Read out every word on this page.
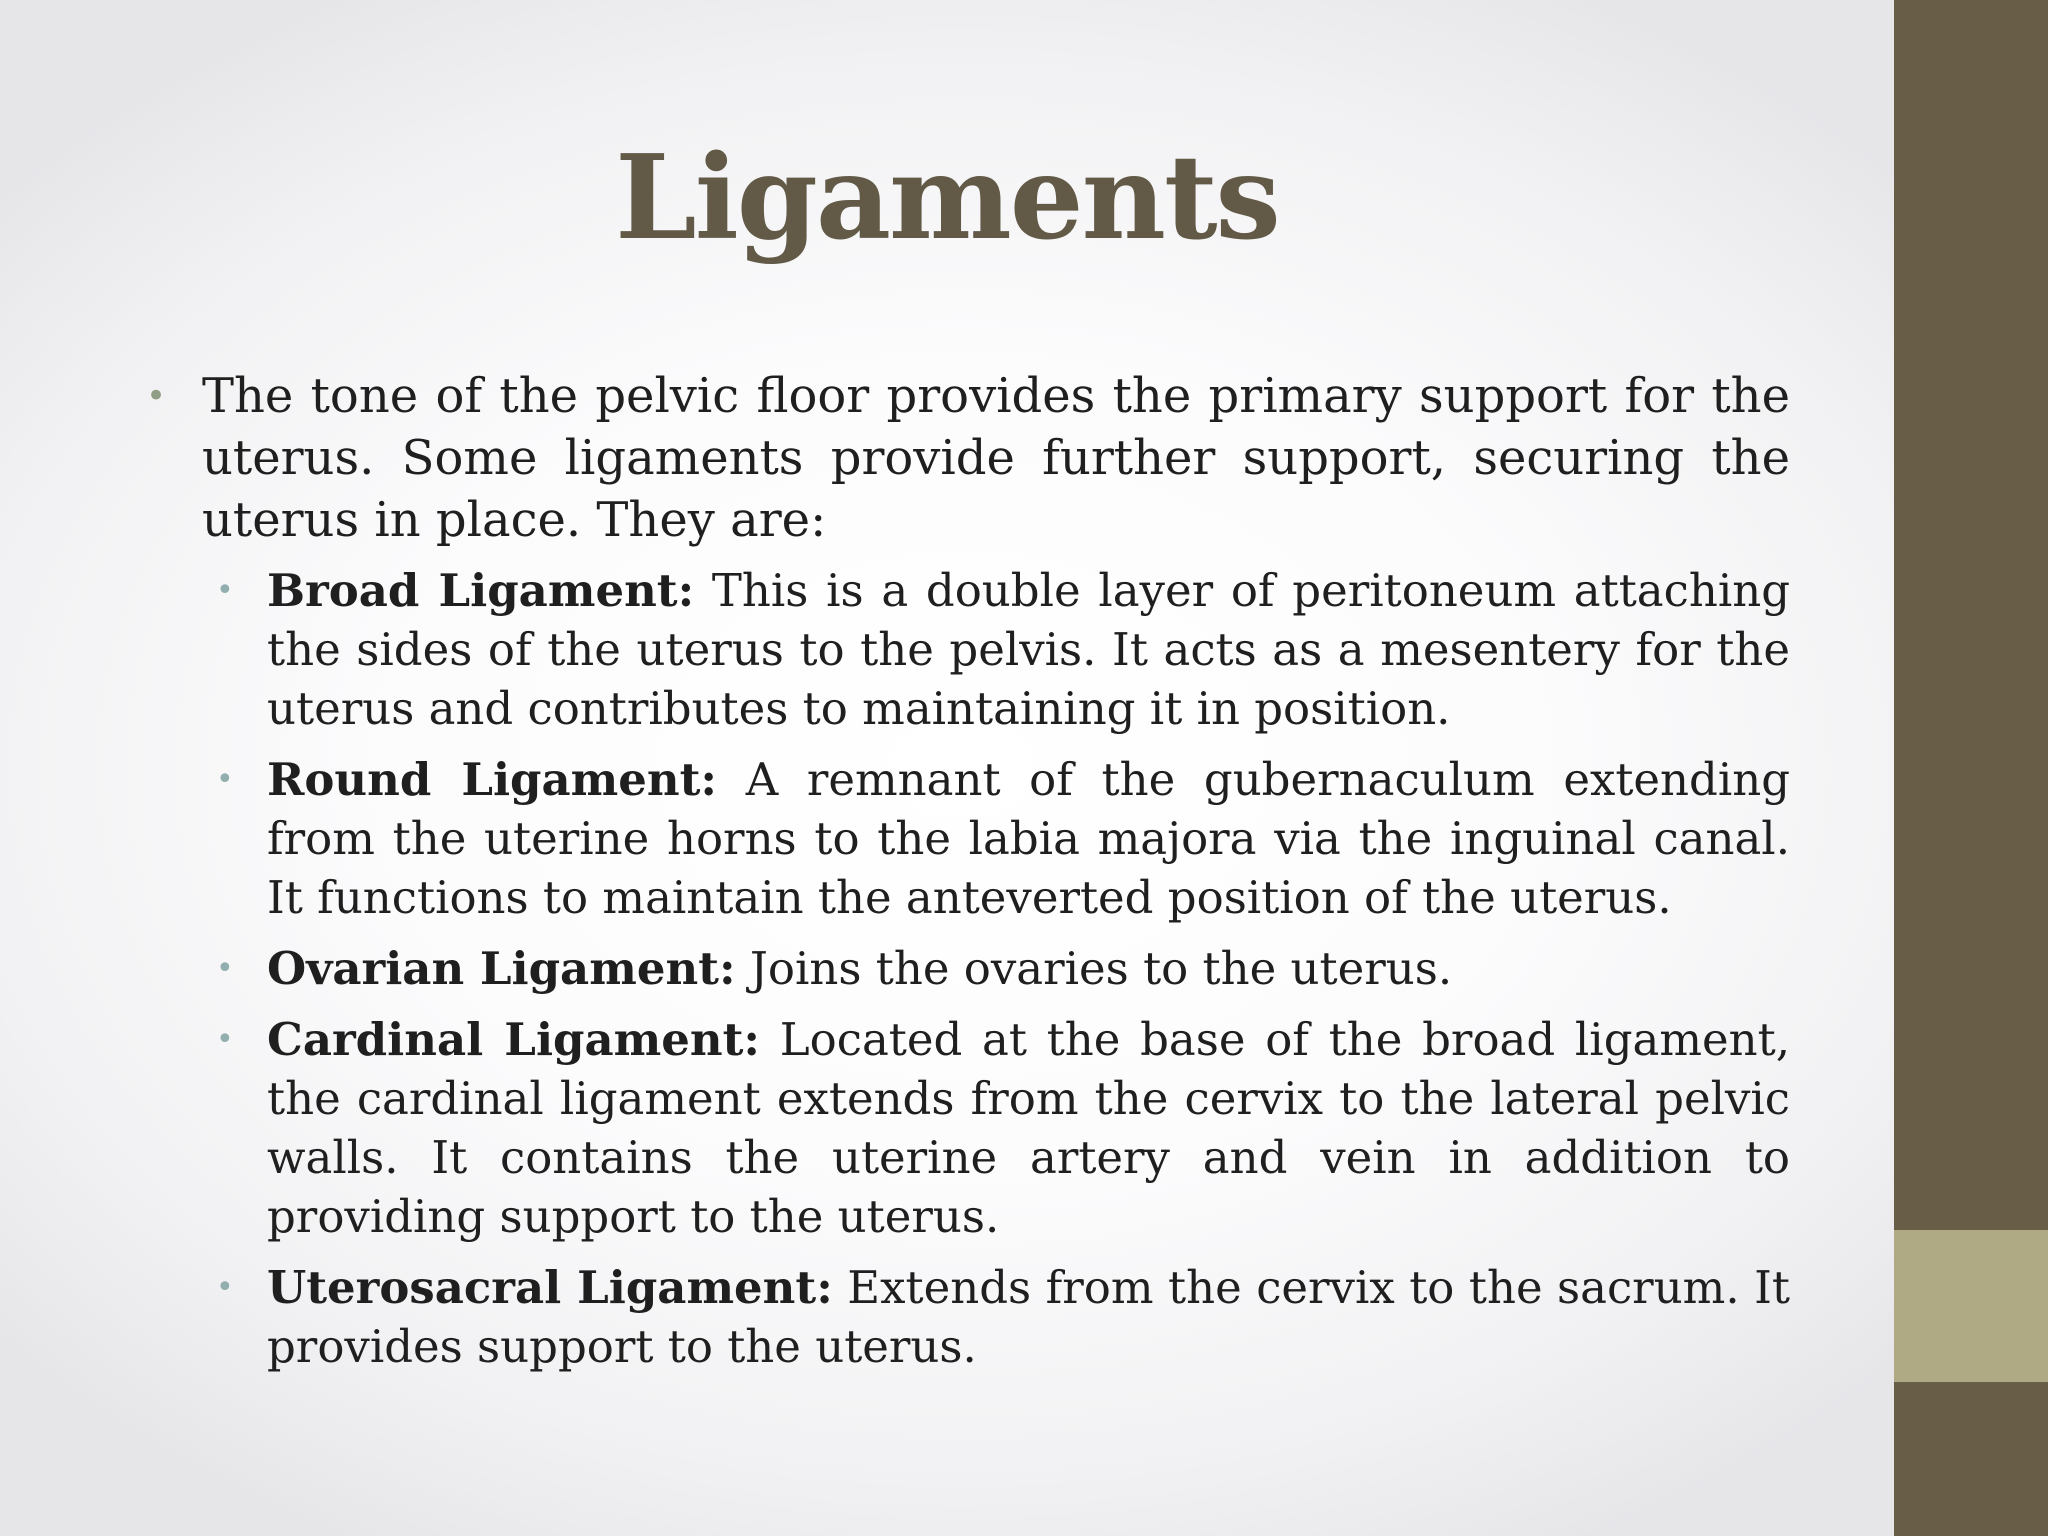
Ligaments
• The tone of the pelvic floor provides the primary support for the uterus. Some ligaments provide further support, securing the uterus in place. They are:
• Broad Ligament: This is a double layer of peritoneum attaching the sides of the uterus to the pelvis. It acts as a mesentery for the uterus and contributes to maintaining it in position.
• Round Ligament: A remnant of the gubernaculum extending from the uterine horns to the labia majora via the inguinal canal. It functions to maintain the anteverted position of the uterus.
• Ovarian Ligament: Joins the ovaries to the uterus.
• Cardinal Ligament: Located at the base of the broad ligament, the cardinal ligament extends from the cervix to the lateral pelvic walls. It contains the uterine artery and vein in addition to providing support to the uterus.
• Uterosacral Ligament: Extends from the cervix to the sacrum. It provides support to the uterus.
